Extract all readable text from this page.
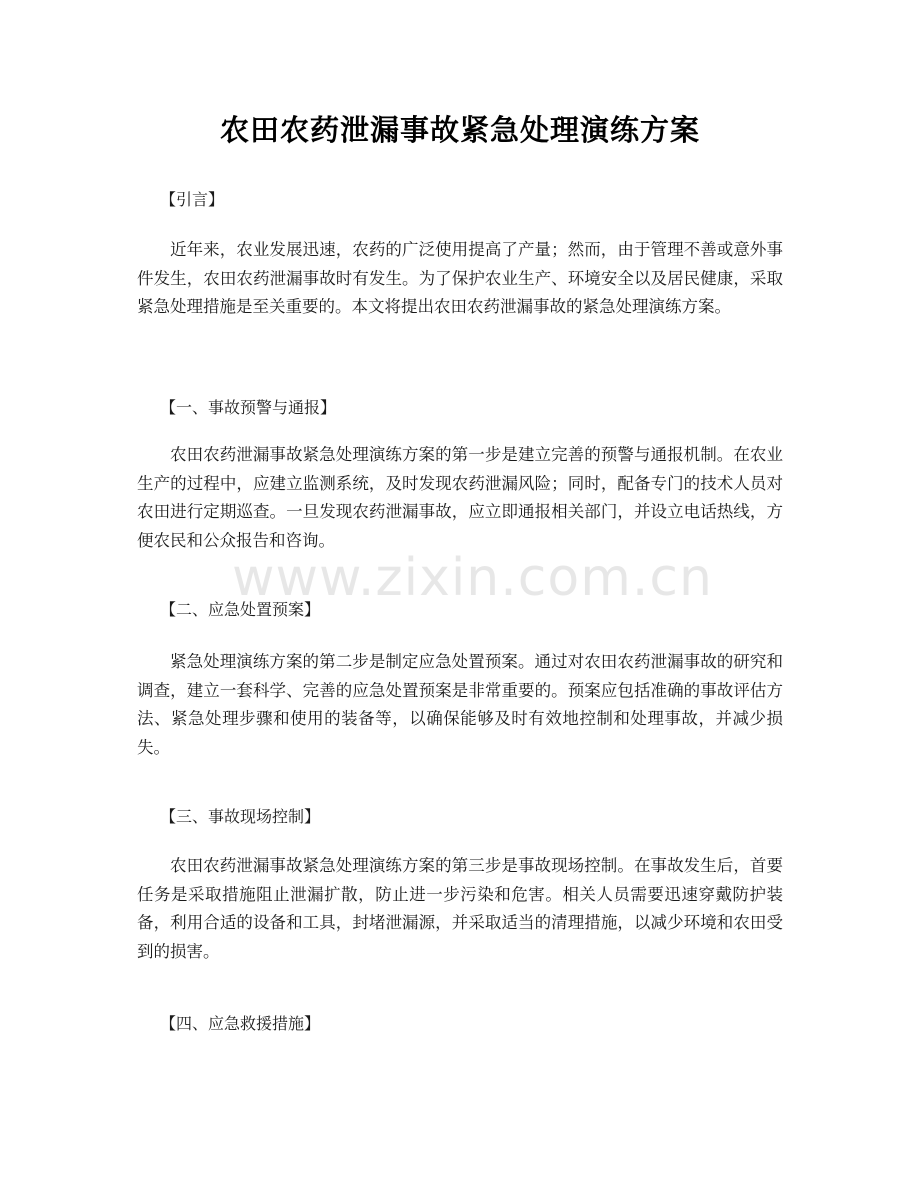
农田农药泄漏事故紧急处理演练方案
【引言】

近年来，农业发展迅速，农药的广泛使用提高了产量；然而，由于管理不善或意外事件发生，农田农药泄漏事故时有发生。为了保护农业生产、环境安全以及居民健康，采取紧急处理措施是至关重要的。本文将提出农田农药泄漏事故的紧急处理演练方案。

【一、事故预警与通报】

农田农药泄漏事故紧急处理演练方案的第一步是建立完善的预警与通报机制。在农业生产的过程中，应建立监测系统，及时发现农药泄漏风险；同时，配备专门的技术人员对农田进行定期巡查。一旦发现农药泄漏事故，应立即通报相关部门，并设立电话热线，方便农民和公众报告和咨询。

【二、应急处置预案】

紧急处理演练方案的第二步是制定应急处置预案。通过对农田农药泄漏事故的研究和调查，建立一套科学、完善的应急处置预案是非常重要的。预案应包括准确的事故评估方法、紧急处理步骤和使用的装备等，以确保能够及时有效地控制和处理事故，并减少损失。

【三、事故现场控制】

农田农药泄漏事故紧急处理演练方案的第三步是事故现场控制。在事故发生后，首要任务是采取措施阻止泄漏扩散，防止进一步污染和危害。相关人员需要迅速穿戴防护装备，利用合适的设备和工具，封堵泄漏源，并采取适当的清理措施，以减少环境和农田受到的损害。

【四、应急救援措施】
www.zixin.com.cn
